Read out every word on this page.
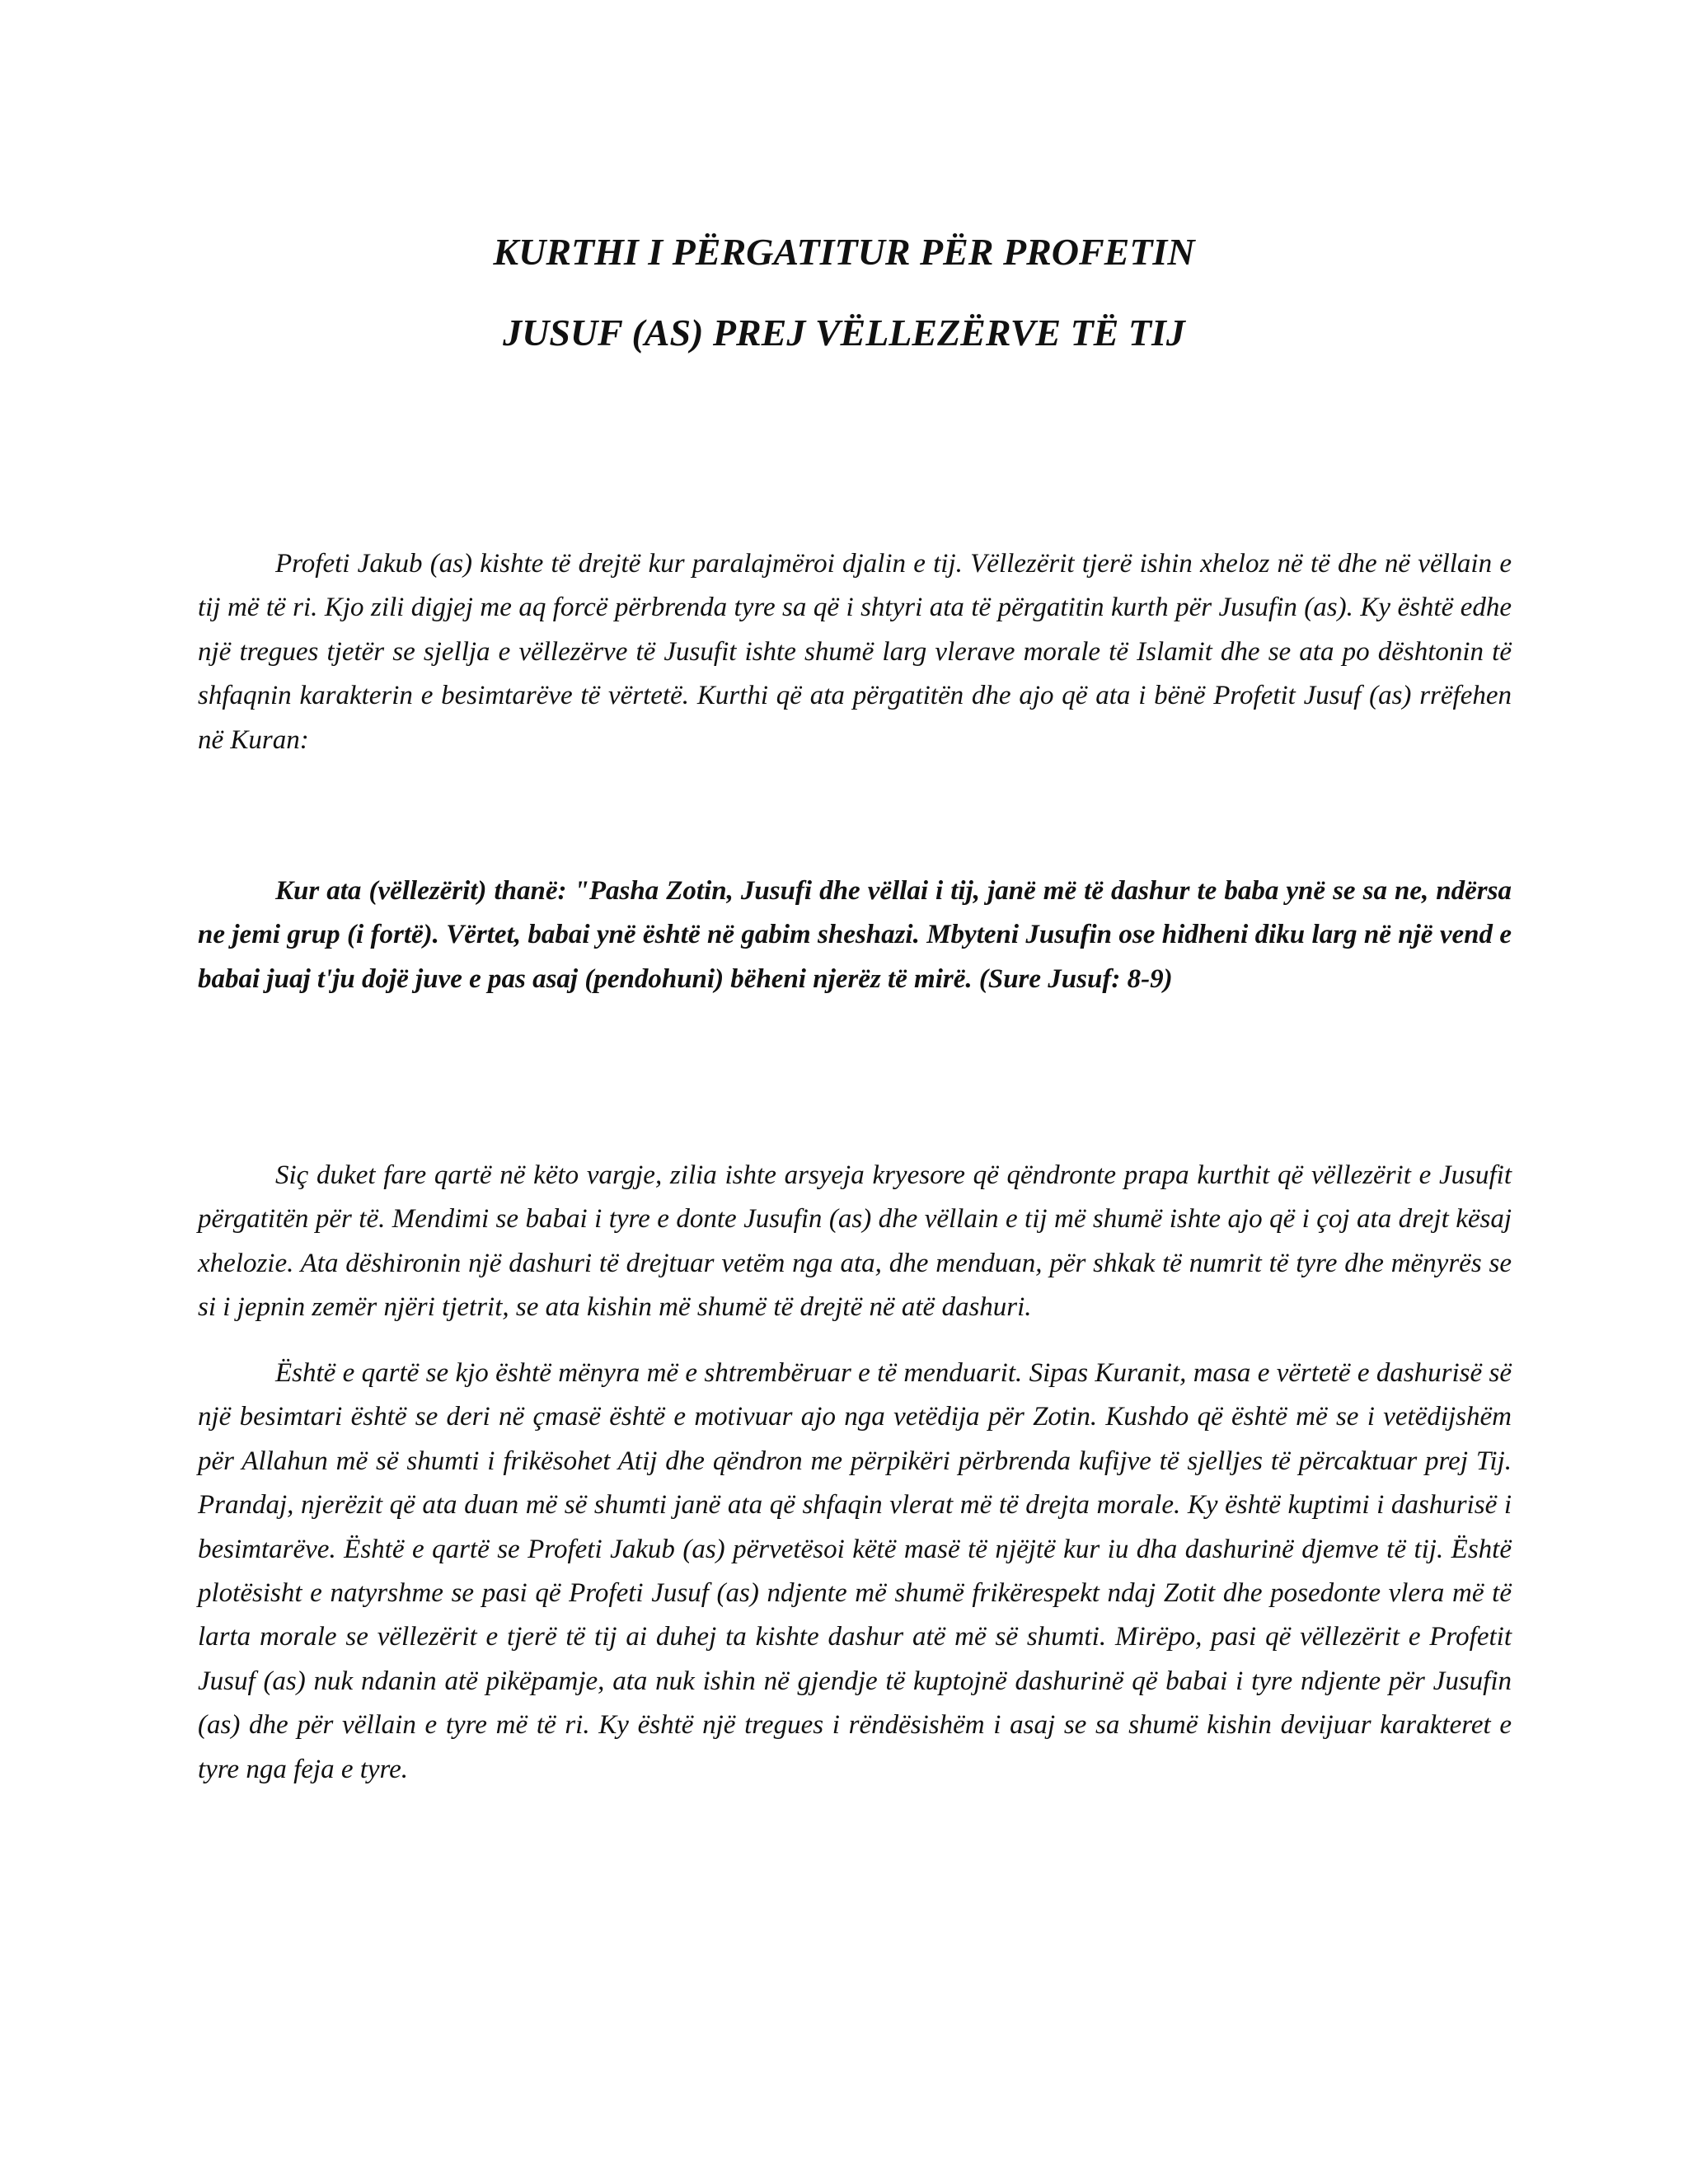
KURTHI I PËRGATITUR PËR PROFETIN
JUSUF (AS) PREJ VËLLEZËRVE TË TIJ

Profeti Jakub (as) kishte të drejtë kur paralajmëroi djalin e tij. Vëllezërit tjerë ishin xheloz në të dhe në vëllain e tij më të ri. Kjo zili digjej me aq forcë përbrenda tyre sa që i shtyri ata të përgatitin kurth për Jusufin (as). Ky është edhe një tregues tjetër se sjellja e vëllezërve të Jusufit ishte shumë larg vlerave morale të Islamit dhe se ata po dështonin të shfaqnin karakterin e besimtarëve të vërtetë. Kurthi që ata përgatitën dhe ajo që ata i bënë Profetit Jusuf (as) rrëfehen në Kuran:

Kur ata (vëllezërit) thanë: "Pasha Zotin, Jusufi dhe vëllai i tij, janë më të dashur te baba ynë se sa ne, ndërsa ne jemi grup (i fortë). Vërtet, babai ynë është në gabim sheshazi. Mbyteni Jusufin ose hidheni diku larg në një vend e babai juaj t'ju dojë juve e pas asaj (pendohuni) bëheni njerëz të mirë. (Sure Jusuf: 8-9)

Siç duket fare qartë në këto vargje, zilia ishte arsyeja kryesore që qëndronte prapa kurthit që vëllezërit e Jusufit përgatitën për të. Mendimi se babai i tyre e donte Jusufin (as) dhe vëllain e tij më shumë ishte ajo që i çoj ata drejt kësaj xhelozie. Ata dëshironin një dashuri të drejtuar vetëm nga ata, dhe menduan, për shkak të numrit të tyre dhe mënyrës se si i jepnin zemër njëri tjetrit, se ata kishin më shumë të drejtë në atë dashuri.

Është e qartë se kjo është mënyra më e shtrembëruar e të menduarit. Sipas Kuranit, masa e vërtetë e dashurisë së një besimtari është se deri në çmasë është e motivuar ajo nga vetëdija për Zotin. Kushdo që është më se i vetëdijshëm për Allahun më së shumti i frikësohet Atij dhe qëndron me përpikëri përbrenda kufijve të sjelljes të përcaktuar prej Tij. Prandaj, njerëzit që ata duan më së shumti janë ata që shfaqin vlerat më të drejta morale. Ky është kuptimi i dashurisë i besimtarëve. Është e qartë se Profeti Jakub (as) përvetësoi këtë masë të njëjtë kur iu dha dashurinë djemve të tij. Është plotësisht e natyrshme se pasi që Profeti Jusuf (as) ndjente më shumë frikërespekt ndaj Zotit dhe posedonte vlera më të larta morale se vëllezërit e tjerë të tij ai duhej ta kishte dashur atë më së shumti. Mirëpo, pasi që vëllezërit e Profetit Jusuf (as) nuk ndanin atë pikëpamje, ata nuk ishin në gjendje të kuptojnë dashurinë që babai i tyre ndjente për Jusufin (as) dhe për vëllain e tyre më të ri. Ky është një tregues i rëndësishëm i asaj se sa shumë kishin devijuar karakteret e tyre nga feja e tyre.
